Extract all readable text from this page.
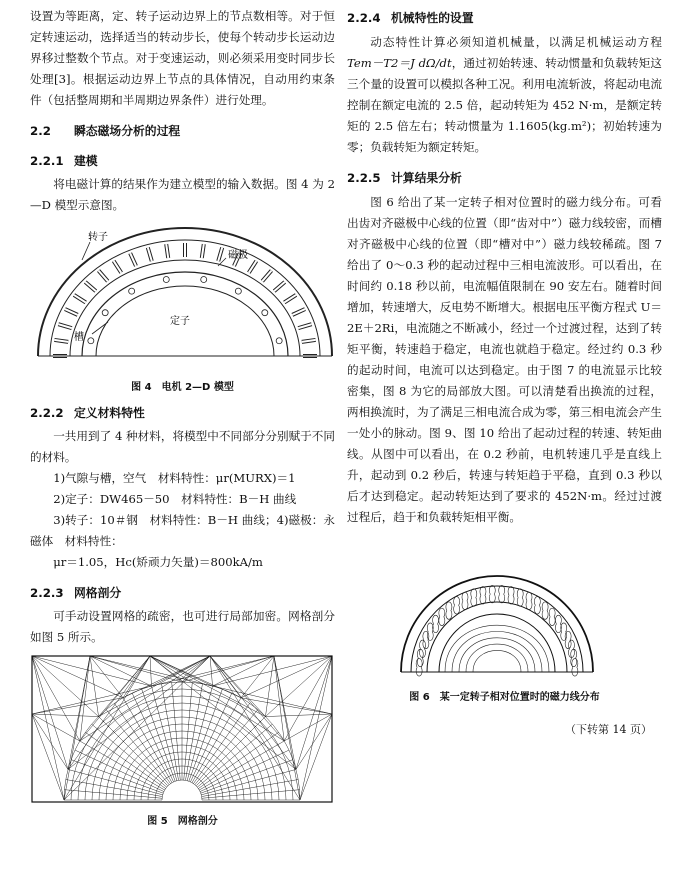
设置为等距离，定、转子运动边界上的节点数相等。对于恒定转速运动，选择适当的转动步长，使每个转动步长运动边界移过整数个节点。对于变速运动，则必须采用变时同步长处理[3]。根据运动边界上节点的具体情况，自动用约束条件（包括整周期和半周期边界条件）进行处理。

2.2 瞬态磁场分析的过程
2.2.1 建模

将电磁计算的结果作为建立模型的输入数据。图 4 为 2—D 模型示意图。

转子
磁极
槽
定子
图 4　电机 2—D 模型
2.2.2 定义材料特性

一共用到了 4 种材料，将模型中不同部分分别赋于不同的材料。

1)气隙与槽，空气　材料特性：μr(MURX)＝1

2)定子：DW465－50　材料特性：B－H 曲线

3)转子：10＃钢　材料特性：B－H 曲线；4)磁极：永磁体　材料特性：

μr＝1.05，Hc(矫顽力矢量)＝800kA/m

2.2.3 网格剖分

可手动设置网格的疏密，也可进行局部加密。网格剖分如图 5 所示。

图 5　网格剖分
2.2.4 机械特性的设置

动态特性计算必须知道机械量，以满足机械运动方程 Tem－T2＝J dΩ/dt，通过初始转速、转动惯量和负载转矩这三个量的设置可以模拟各种工况。利用电流斩波，将起动电流控制在额定电流的 2.5 倍，起动转矩为 452 N·m，是额定转矩的 2.5 倍左右；转动惯量为 1.1605(kg.m²)；初始转速为零；负载转矩为额定转矩。

2.2.5 计算结果分析

图 6 给出了某一定转子相对位置时的磁力线分布。可看出齿对齐磁极中心线的位置（即“齿对中”）磁力线较密，而槽对齐磁极中心线的位置（即“槽对中”）磁力线较稀疏。图 7 给出了 0～0.3 秒的起动过程中三相电流波形。可以看出，在时间约 0.18 秒以前，电流幅值限制在 90 安左右。随着时间增加，转速增大，反电势不断增大。根据电压平衡方程式 U＝2E＋2Ri，电流随之不断减小，经过一个过渡过程，达到了转矩平衡，转速趋于稳定，电流也就趋于稳定。经过约 0.3 秒的起动时间，电流可以达到稳定。由于图 7 的电流显示比较密集，图 8 为它的局部放大图。可以清楚看出换流的过程，两相换流时，为了满足三相电流合成为零，第三相电流会产生一处小的脉动。图 9、图 10 给出了起动过程的转速、转矩曲线。从图中可以看出，在 0.2 秒前，电机转速几乎是直线上升，起动到 0.2 秒后，转速与转矩趋于平稳，直到 0.3 秒以后才达到稳定。起动转矩达到了要求的 452N·m。经过过渡过程后，趋于和负载转矩相平衡。

图 6　某一定转子相对位置时的磁力线分布
（下转第 14 页）
